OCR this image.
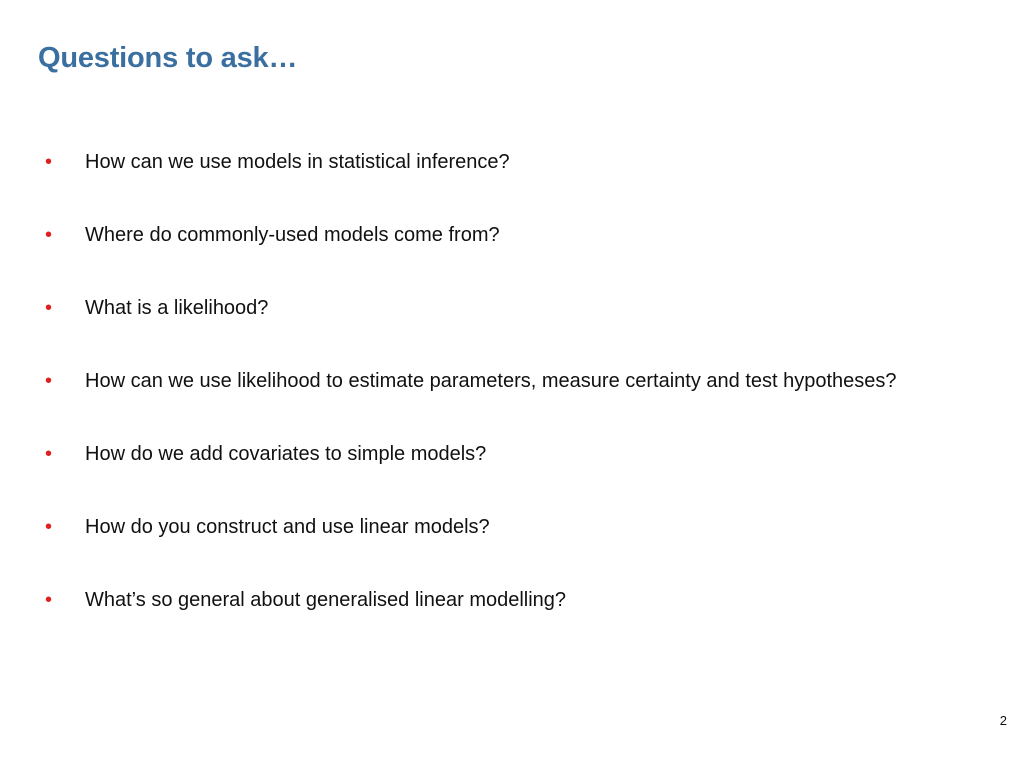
Questions to ask…
•	How can we use models in statistical inference?
•	Where do commonly-used models come from?
•	What is a likelihood?
•	How can we use likelihood to estimate parameters, measure certainty and test hypotheses?
•	How do we add covariates to simple models?
•	How do you construct and use linear models?
•	What’s so general about generalised linear modelling?
2
